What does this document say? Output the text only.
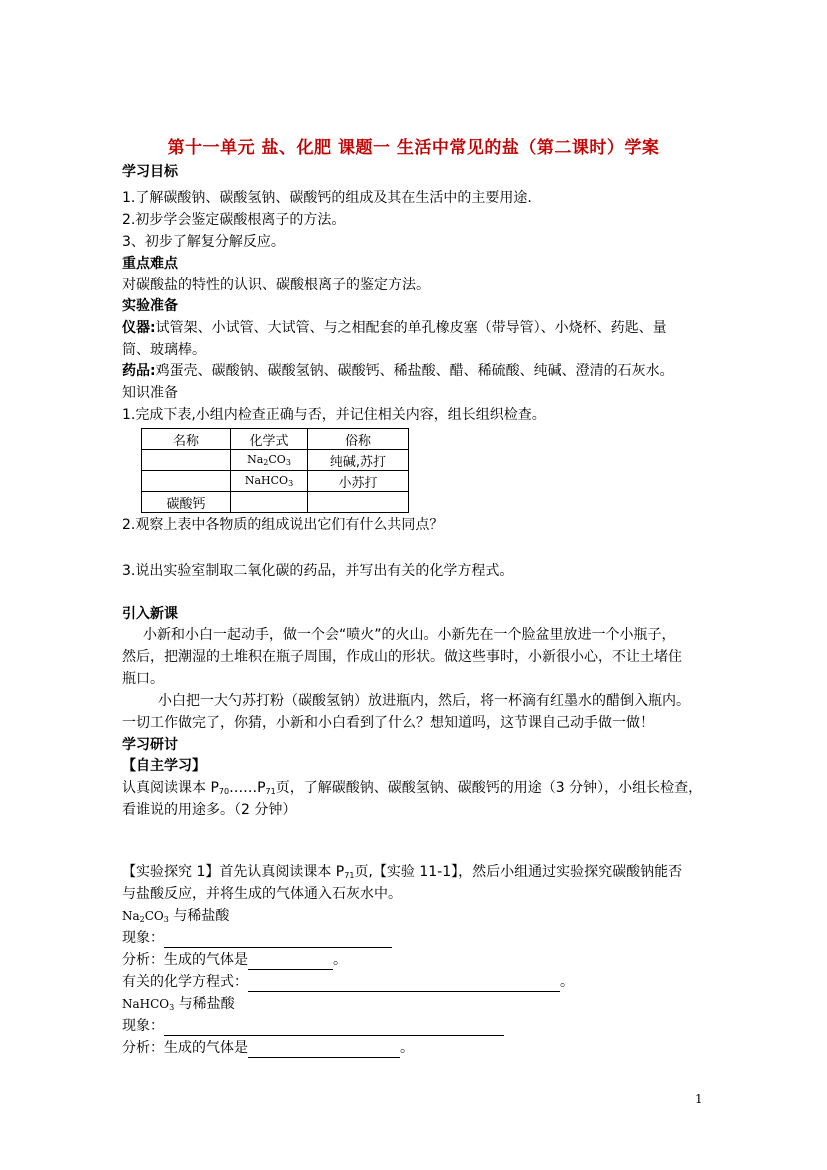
第十一单元 盐、化肥 课题一 生活中常见的盐（第二课时）学案
学习目标
1.了解碳酸钠、碳酸氢钠、碳酸钙的组成及其在生活中的主要用途.
2.初步学会鉴定碳酸根离子的方法。
3、初步了解复分解反应。
重点难点
对碳酸盐的特性的认识、碳酸根离子的鉴定方法。
实验准备
仪器:试管架、小试管、大试管、与之相配套的单孔橡皮塞（带导管）、小烧杯、药匙、量
筒、玻璃棒。
药品:鸡蛋壳、碳酸钠、碳酸氢钠、碳酸钙、稀盐酸、醋、稀硫酸、纯碱、澄清的石灰水。
知识准备
1.完成下表,小组内检查正确与否，并记住相关内容，组长组织检查。
名称	化学式	俗称
	$Na_2CO_3$	纯碱,苏打
	NaHCO$_3$	小苏打
碳酸钙		
2.观察上表中各物质的组成说出它们有什么共同点？
3.说出实验室制取二氧化碳的药品，并写出有关的化学方程式。
引入新课
小新和小白一起动手，做一个会“喷火”的火山。小新先在一个脸盆里放进一个小瓶子，
然后，把潮湿的土堆积在瓶子周围，作成山的形状。做这些事时，小新很小心，不让土堵住
瓶口。
小白把一大勺苏打粉（碳酸氢钠）放进瓶内，然后，将一杯滴有红墨水的醋倒入瓶内。
一切工作做完了，你猜，小新和小白看到了什么？想知道吗，这节课自己动手做一做！
学习研讨
【自主学习】
认真阅读课本 $P_{70}\dots\dots P_{71}$页，了解碳酸钠、碳酸氢钠、碳酸钙的用途（3 分钟），小组长检查，
看谁说的用途多。（2 分钟）
【实验探究 1】首先认真阅读课本 $P_{71}$页,【实验 11-1】，然后小组通过实验探究碳酸钠能否
与盐酸反应，并将生成的气体通入石灰水中。
$Na_2CO_3$ 与稀盐酸
现象：
分析：生成的气体是	。
有关的化学方程式：	。
NaHCO$_3$ 与稀盐酸
现象：
分析：生成的气体是	。
1
